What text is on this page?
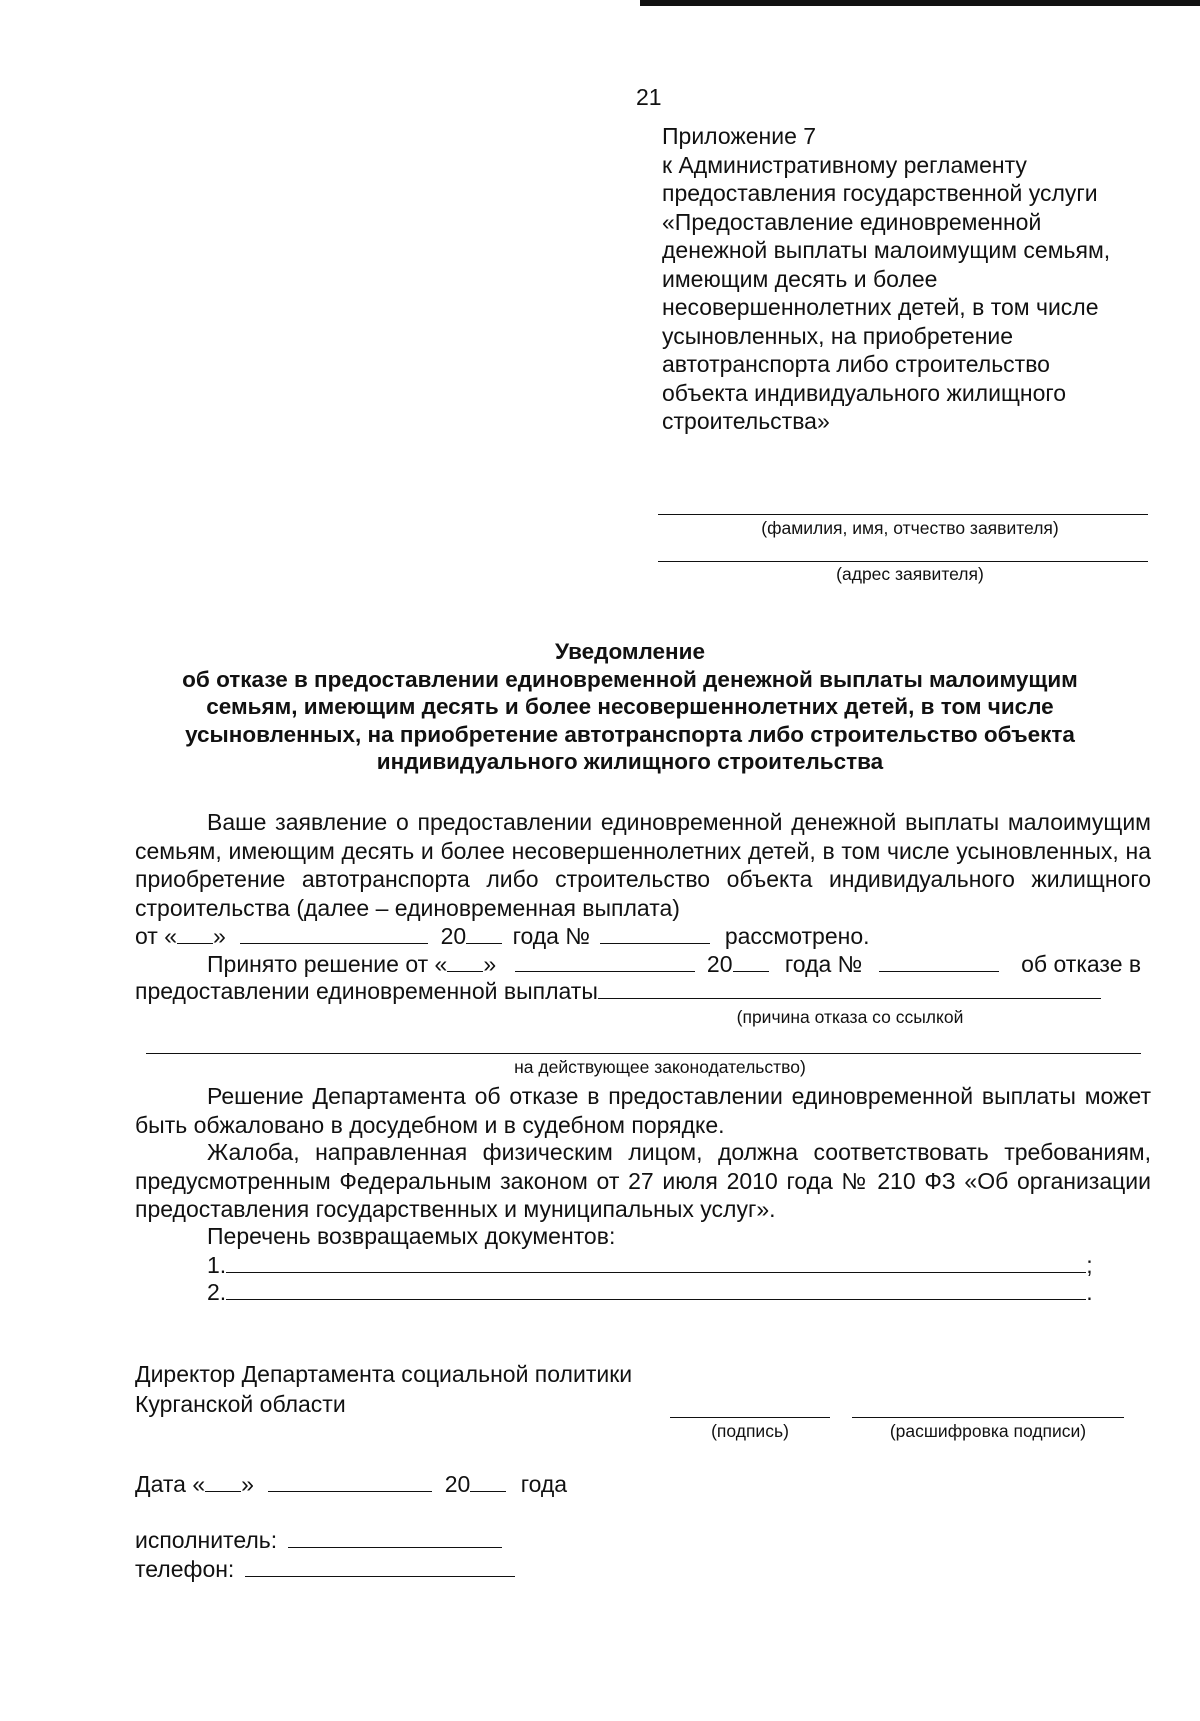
21
Приложение 7
к Административному регламенту
предоставления государственной услуги
«Предоставление единовременной
денежной выплаты малоимущим семьям,
имеющим десять и более
несовершеннолетних детей, в том числе
усыновленных, на приобретение
автотранспорта либо строительство
объекта индивидуального жилищного
строительства»
(фамилия, имя, отчество заявителя)
(адрес заявителя)
Уведомление
об отказе в предоставлении единовременной денежной выплаты малоимущим
семьям, имеющим десять и более несовершеннолетних детей, в том числе
усыновленных, на приобретение автотранспорта либо строительство объекта
индивидуального жилищного строительства
Ваше заявление о предоставлении единовременной денежной выплаты малоимущим семьям, имеющим десять и более несовершеннолетних детей, в том числе усыновленных, на приобретение автотранспорта либо строительство объекта индивидуального жилищного строительства (далее – единовременная выплата)
от « »	20 года №	рассмотрено.
Принято решение от « »	20 года №	об отказе в
предоставлении единовременной выплаты
(причина отказа со ссылкой
на действующее законодательство)
Решение Департамента об отказе в предоставлении единовременной выплаты может быть обжаловано в досудебном и в судебном порядке.
Жалоба, направленная физическим лицом, должна соответствовать требованиям, предусмотренным Федеральным законом от 27 июля 2010 года № 210 ФЗ «Об организации предоставления государственных и муниципальных услуг».
Перечень возвращаемых документов:
1.	;
2.	.
Директор Департамента социальной политики
Курганской области
(подпись)	(расшифровка подписи)
Дата « »	20 года
исполнитель:
телефон:
